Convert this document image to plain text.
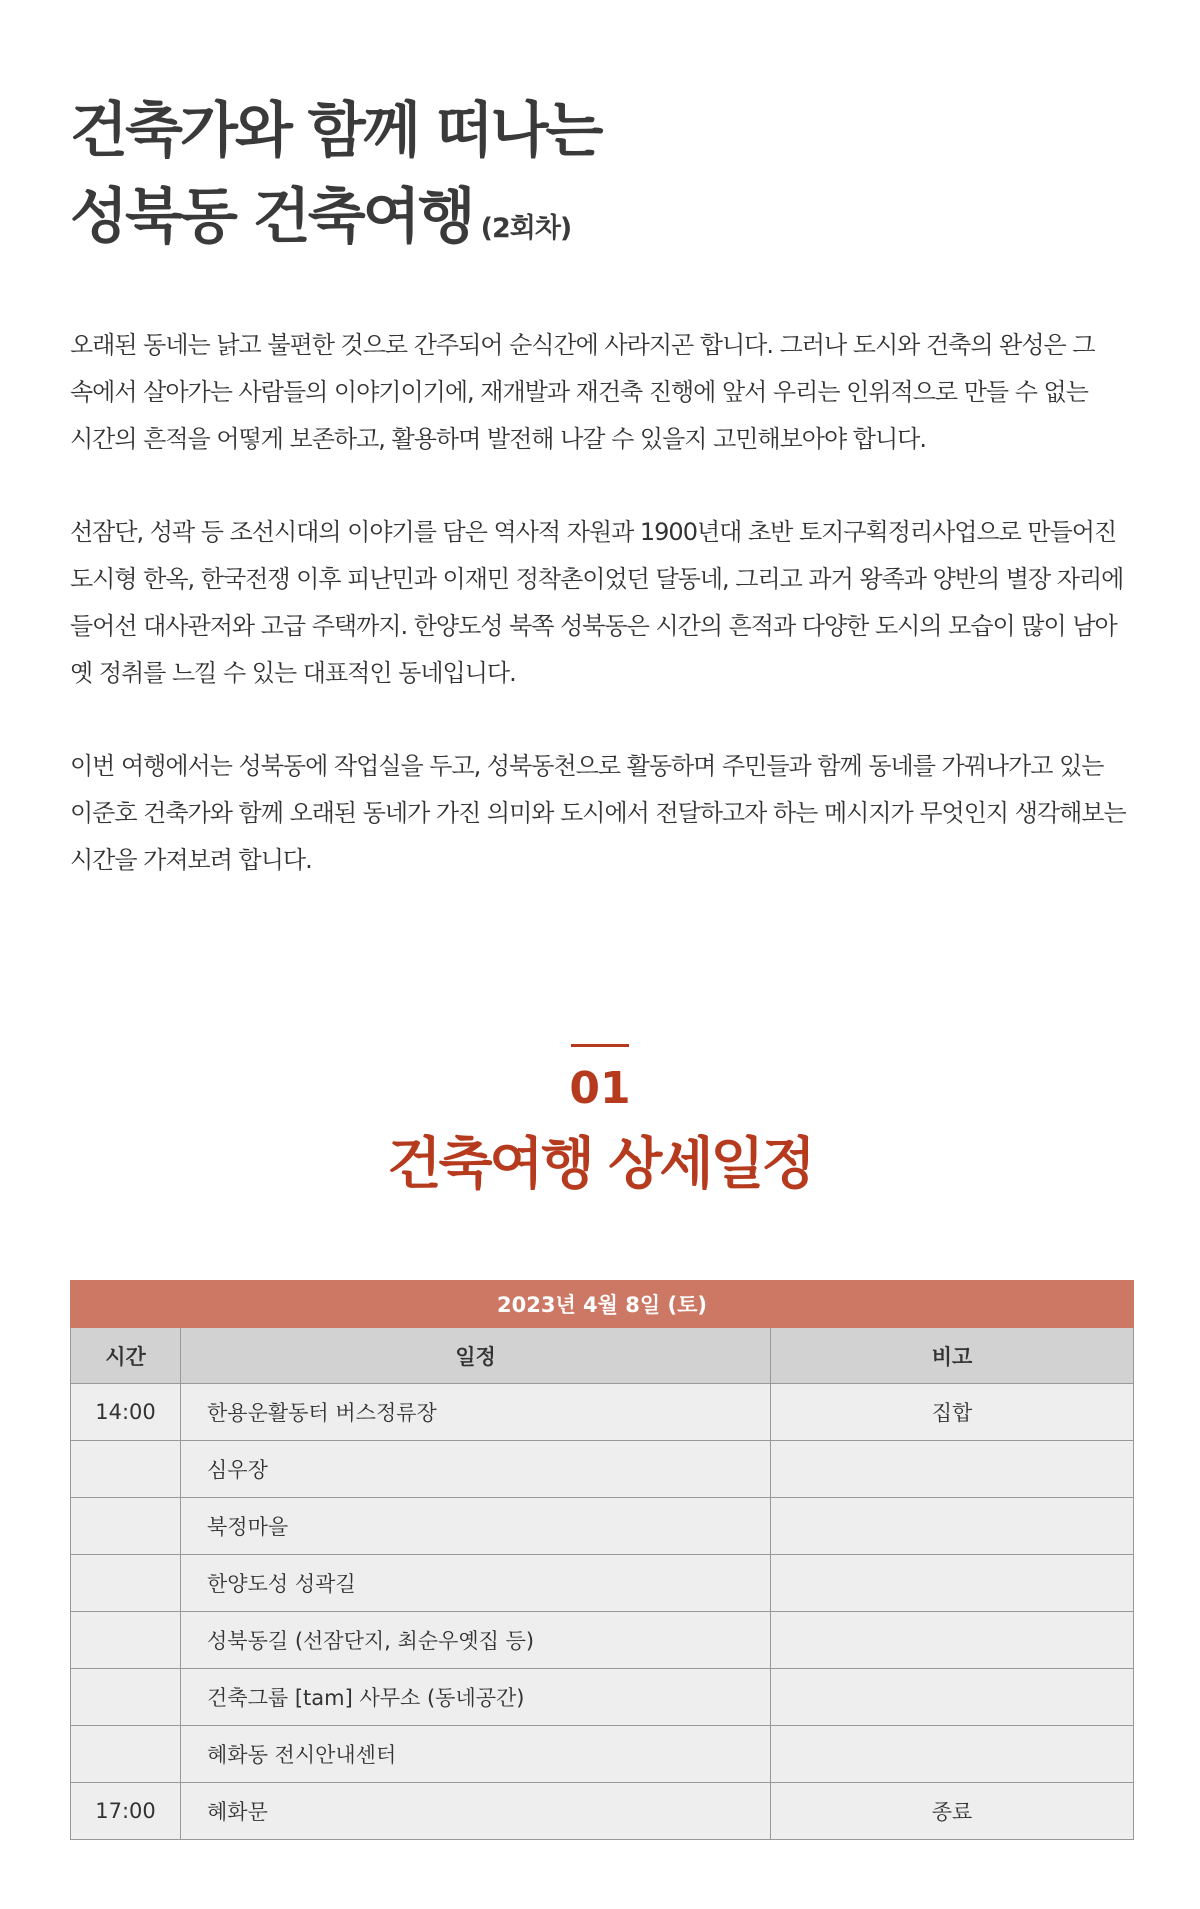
건축가와 함께 떠나는
성북동 건축여행 (2회차)

오래된 동네는 낡고 불편한 것으로 간주되어 순식간에 사라지곤 합니다. 그러나 도시와 건축의 완성은 그 속에서 살아가는 사람들의 이야기이기에, 재개발과 재건축 진행에 앞서 우리는 인위적으로 만들 수 없는 시간의 흔적을 어떻게 보존하고, 활용하며 발전해 나갈 수 있을지 고민해보아야 합니다.

선잠단, 성곽 등 조선시대의 이야기를 담은 역사적 자원과 1900년대 초반 토지구획정리사업으로 만들어진 도시형 한옥, 한국전쟁 이후 피난민과 이재민 정착촌이었던 달동네, 그리고 과거 왕족과 양반의 별장 자리에 들어선 대사관저와 고급 주택까지. 한양도성 북쪽 성북동은 시간의 흔적과 다양한 도시의 모습이 많이 남아 옛 정취를 느낄 수 있는 대표적인 동네입니다.

이번 여행에서는 성북동에 작업실을 두고, 성북동천으로 활동하며 주민들과 함께 동네를 가꿔나가고 있는 이준호 건축가와 함께 오래된 동네가 가진 의미와 도시에서 전달하고자 하는 메시지가 무엇인지 생각해보는 시간을 가져보려 합니다.

01
건축여행 상세일정
2023년 4월 8일 (토)		
시간	일정	비고
14:00	한용운활동터 버스정류장	집합
	심우장	
	북정마을	
	한양도성 성곽길	
	성북동길 (선잠단지, 최순우옛집 등)	
	건축그룹 [tam] 사무소 (동네공간)	
	혜화동 전시안내센터	
17:00	혜화문	종료
